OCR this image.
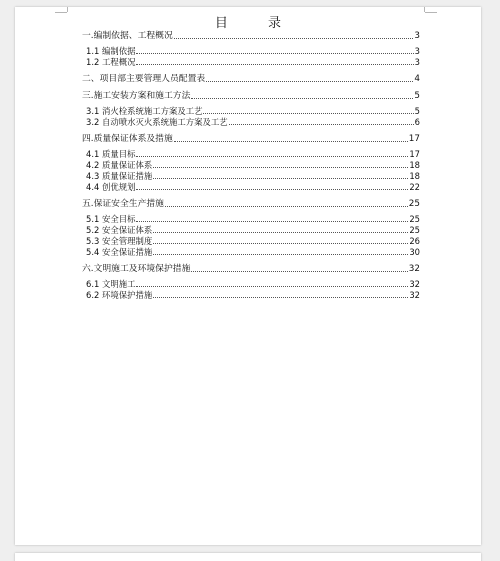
目 录
一.编制依据、工程概况	3
1.1 编制依据	3
1.2 工程概况	3
二、项目部主要管理人员配置表	4
三.施工安装方案和施工方法	5
3.1 消火栓系统施工方案及工艺	5
3.2 自动喷水灭火系统施工方案及工艺	6
四.质量保证体系及措施	17
4.1 质量目标	17
4.2 质量保证体系	18
4.3 质量保证措施	18
4.4 创优规划	22
五.保证安全生产措施	25
5.1 安全目标	25
5.2 安全保证体系	25
5.3 安全管理制度	26
5.4 安全保证措施	30
六.文明施工及环境保护措施	32
6.1 文明施工	32
6.2 环境保护措施	32
